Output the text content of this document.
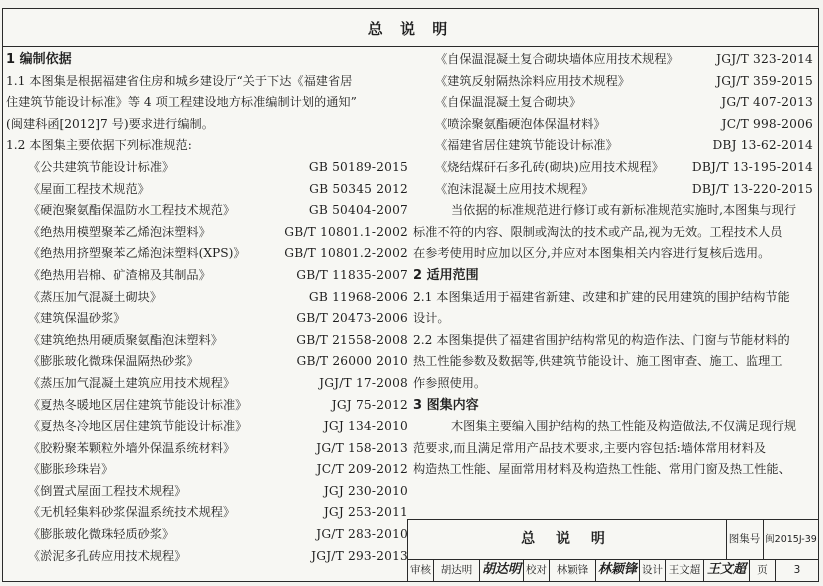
总 说 明
1 编制依据
1.1 本图集是根据福建省住房和城乡建设厅“关于下达《福建省居
住建筑节能设计标准》等 4 项工程建设地方标准编制计划的通知”
(闽建科函[2012]7 号)要求进行编制。
1.2 本图集主要依据下列标准规范:
《公共建筑节能设计标准》	GB 50189-2015
《屋面工程技术规范》	GB 50345 2012
《硬泡聚氨酯保温防水工程技术规范》	GB 50404-2007
《绝热用模塑聚苯乙烯泡沫塑料》	GB/T 10801.1-2002
《绝热用挤塑聚苯乙烯泡沫塑料(XPS)》	GB/T 10801.2-2002
《绝热用岩棉、矿渣棉及其制品》	GB/T 11835-2007
《蒸压加气混凝土砌块》	GB 11968-2006
《建筑保温砂浆》	GB/T 20473-2006
《建筑绝热用硬质聚氨酯泡沫塑料》	GB/T 21558-2008
《膨胀玻化微珠保温隔热砂浆》	GB/T 26000 2010
《蒸压加气混凝土建筑应用技术规程》	JGJ/T 17-2008
《夏热冬暖地区居住建筑节能设计标准》	JGJ 75-2012
《夏热冬冷地区居住建筑节能设计标准》	JGJ 134-2010
《胶粉聚苯颗粒外墙外保温系统材料》	JG/T 158-2013
《膨胀珍珠岩》	JC/T 209-2012
《倒置式屋面工程技术规程》	JGJ 230-2010
《无机轻集料砂浆保温系统技术规程》	JGJ 253-2011
《膨胀玻化微珠轻质砂浆》	JG/T 283-2010
《淤泥多孔砖应用技术规程》	JGJ/T 293-2013
《自保温混凝土复合砌块墙体应用技术规程》	JGJ/T 323-2014
《建筑反射隔热涂料应用技术规程》	JGJ/T 359-2015
《自保温混凝土复合砌块》	JG/T 407-2013
《喷涂聚氨酯硬泡体保温材料》	JC/T 998-2006
《福建省居住建筑节能设计标准》	DBJ 13-62-2014
《烧结煤矸石多孔砖(砌块)应用技术规程》 DBJ/T 13-195-2014
《泡沫混凝土应用技术规程》	DBJ/T 13-220-2015
当依据的标准规范进行修订或有新标准规范实施时,本图集与现行
标准不符的内容、限制或淘汰的技术或产品,视为无效。工程技术人员
在参考使用时应加以区分,并应对本图集相关内容进行复核后选用。
2 适用范围
2.1 本图集适用于福建省新建、改建和扩建的民用建筑的围护结构节能
设计。
2.2 本图集提供了福建省围护结构常见的构造作法、门窗与节能材料的
热工性能参数及数据等,供建筑节能设计、施工图审查、施工、监理工
作参照使用。
3 图集内容
木图集主要编入围护结构的热工性能及构造做法,不仅满足现行规
范要求,而且满足常用产品技术要求,主要内容包括:墙体常用材料及
构造热工性能、屋面常用材料及构造热工性能、常用门窗及热工性能、
总 说 明	图集号 闽2015J-39
审核 胡达明 胡达明 校对 林颖锋 林颖锋 设计 王文超 王文超	页	3
